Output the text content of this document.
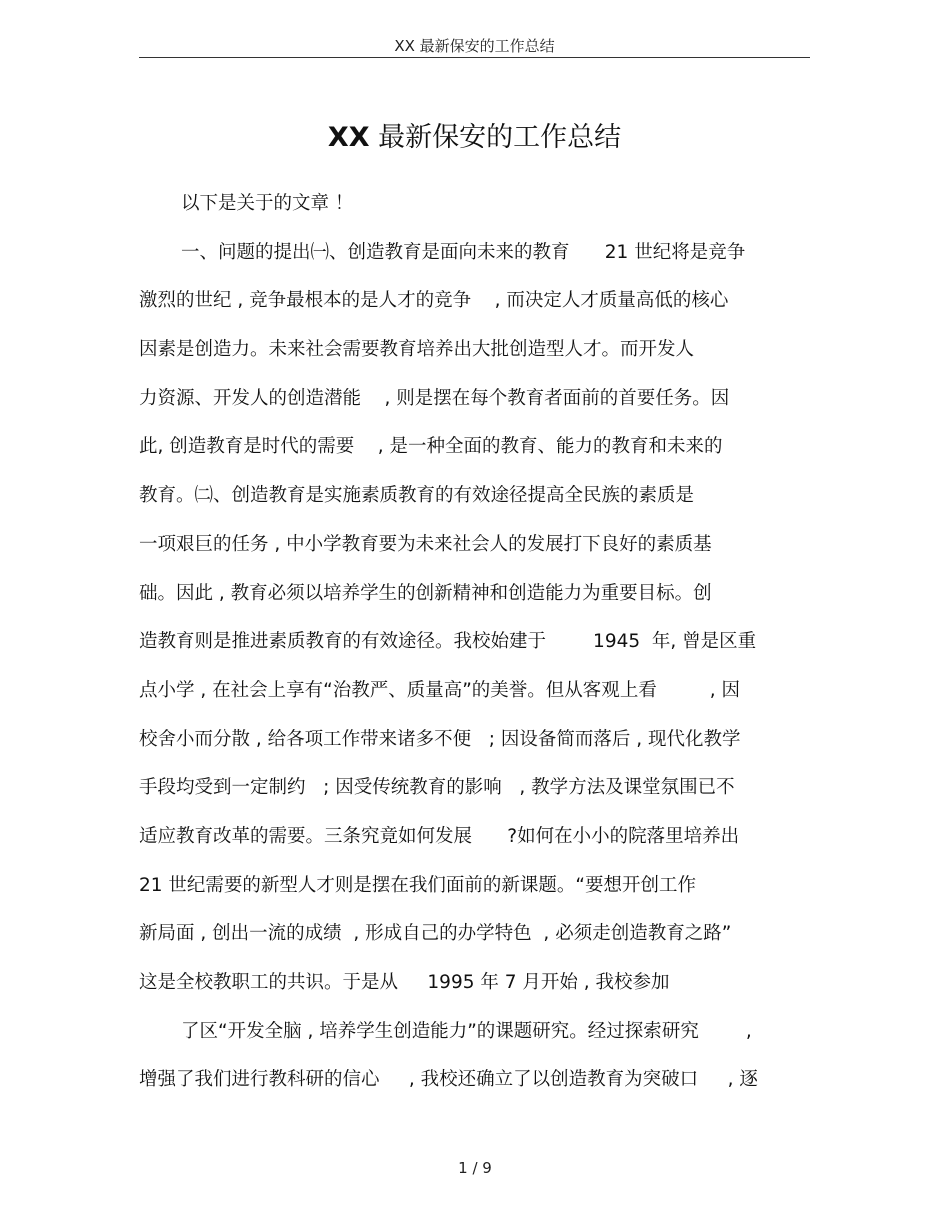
XX 最新保安的工作总结
XX 最新保安的工作总结
以下是关于的文章 ！
一、问题的提出㈠、创造教育是面向未来的教育      21 世纪将是竞争
激烈的世纪 , 竞争最根本的是人才的竞争    , 而决定人才质量高低的核心
因素是创造力。未来社会需要教育培养出大批创造型人才。而开发人
力资源、开发人的创造潜能    , 则是摆在每个教育者面前的首要任务。因
此, 创造教育是时代的需要    , 是一种全面的教育、能力的教育和未来的
教育。㈡、创造教育是实施素质教育的有效途径提高全民族的素质是
一项艰巨的任务 , 中小学教育要为未来社会人的发展打下良好的素质基
础。因此 , 教育必须以培养学生的创新精神和创造能力为重要目标。创
造教育则是推进素质教育的有效途径。我校始建于        1945  年, 曾是区重
点小学 , 在社会上享有“治教严、质量高”的美誉。但从客观上看         , 因
校舍小而分散 , 给各项工作带来诸多不便   ; 因设备简而落后 , 现代化教学
手段均受到一定制约   ; 因受传统教育的影响   , 教学方法及课堂氛围已不
适应教育改革的需要。三条究竟如何发展      ?如何在小小的院落里培养出
21 世纪需要的新型人才则是摆在我们面前的新课题。“要想开创工作
新局面 , 创出一流的成绩  , 形成自己的办学特色  , 必须走创造教育之路”
这是全校教职工的共识。于是从     1995 年 7 月开始 , 我校参加
了区“开发全脑 , 培养学生创造能力”的课题研究。经过探索研究        ,
增强了我们进行教科研的信心     , 我校还确立了以创造教育为突破口     , 逐
1 / 9
